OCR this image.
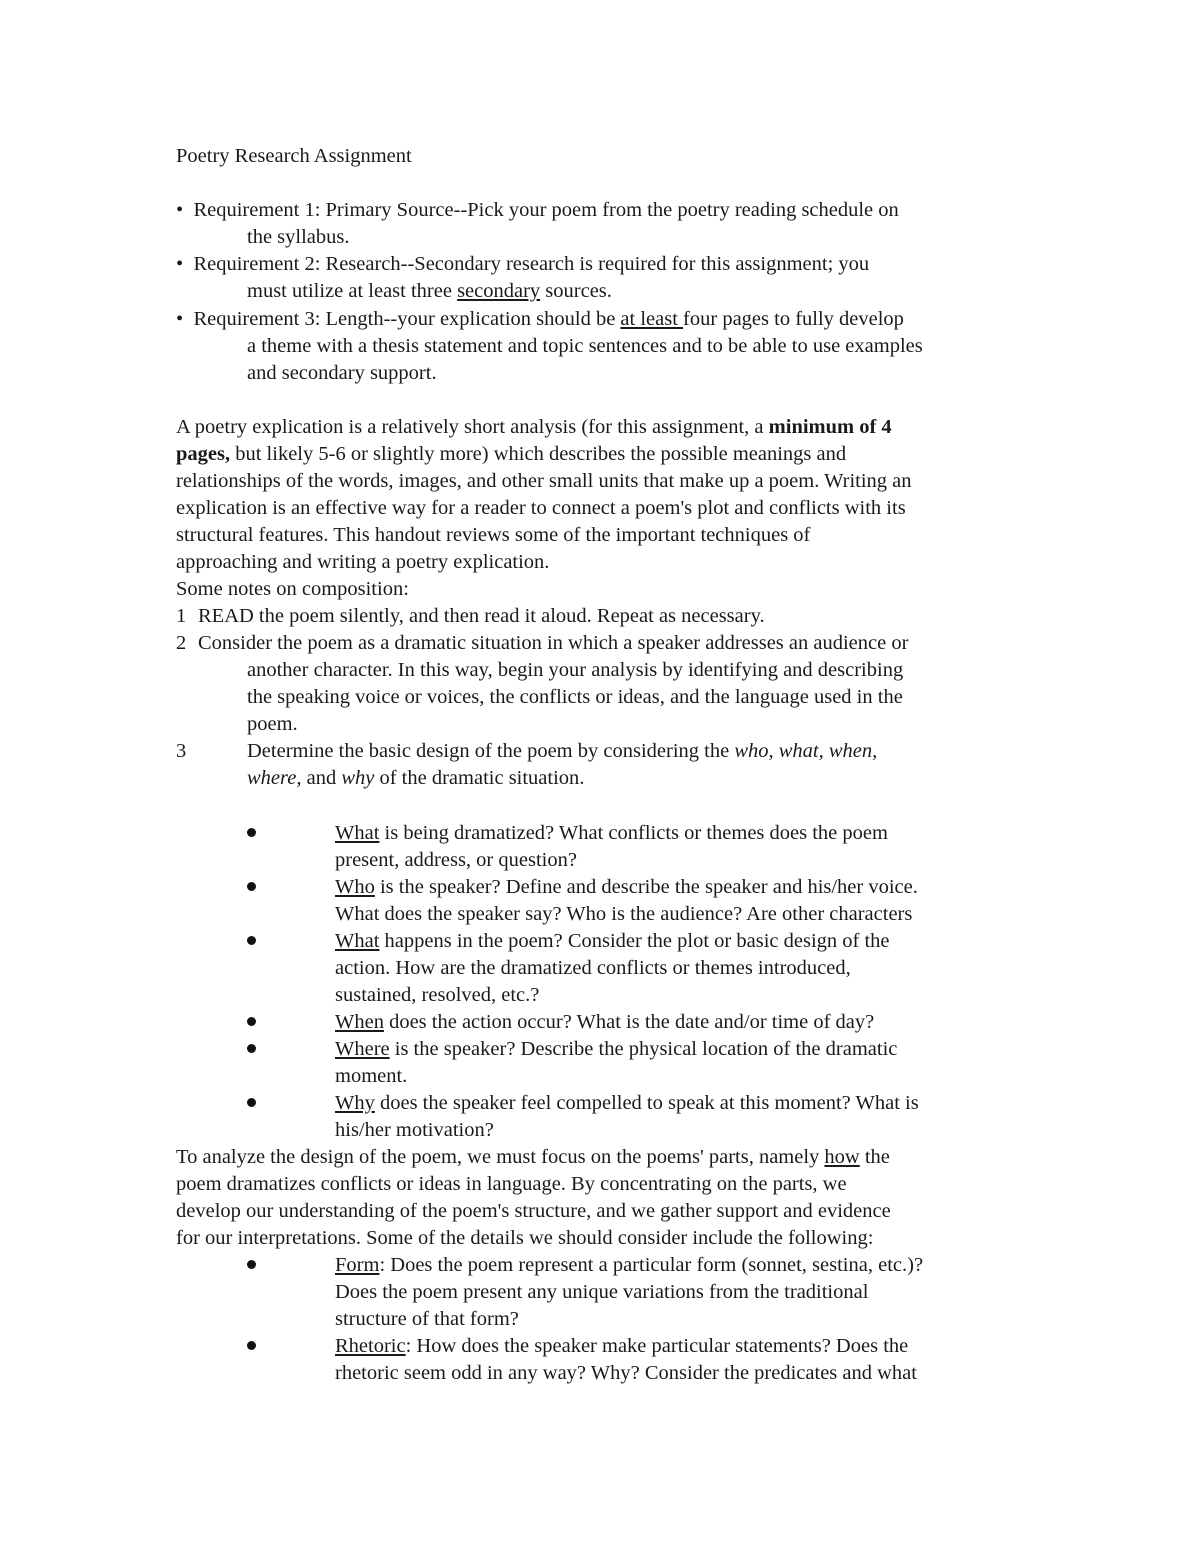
Poetry Research Assignment
• Requirement 1: Primary Source--Pick your poem from the poetry reading schedule on
the syllabus.
• Requirement 2: Research--Secondary research is required for this assignment; you
must utilize at least three secondary sources.
• Requirement 3: Length--your explication should be at least four pages to fully develop
a theme with a thesis statement and topic sentences and to be able to use examples
and secondary support.
A poetry explication is a relatively short analysis (for this assignment, a minimum of 4
pages, but likely 5-6 or slightly more) which describes the possible meanings and
relationships of the words, images, and other small units that make up a poem. Writing an
explication is an effective way for a reader to connect a poem's plot and conflicts with its
structural features. This handout reviews some of the important techniques of
approaching and writing a poetry explication.
Some notes on composition:
1 READ the poem silently, and then read it aloud. Repeat as necessary.
2 Consider the poem as a dramatic situation in which a speaker addresses an audience or
another character. In this way, begin your analysis by identifying and describing
the speaking voice or voices, the conflicts or ideas, and the language used in the
poem.
3	Determine the basic design of the poem by considering the who, what, when,
where, and why of the dramatic situation.
What is being dramatized? What conflicts or themes does the poem
present, address, or question?
Who is the speaker? Define and describe the speaker and his/her voice.
What does the speaker say? Who is the audience? Are other characters
What happens in the poem? Consider the plot or basic design of the
action. How are the dramatized conflicts or themes introduced,
sustained, resolved, etc.?
When does the action occur? What is the date and/or time of day?
Where is the speaker? Describe the physical location of the dramatic
moment.
Why does the speaker feel compelled to speak at this moment? What is
his/her motivation?
To analyze the design of the poem, we must focus on the poems' parts, namely how the
poem dramatizes conflicts or ideas in language. By concentrating on the parts, we
develop our understanding of the poem's structure, and we gather support and evidence
for our interpretations. Some of the details we should consider include the following:
Form: Does the poem represent a particular form (sonnet, sestina, etc.)?
Does the poem present any unique variations from the traditional
structure of that form?
Rhetoric: How does the speaker make particular statements? Does the
rhetoric seem odd in any way? Why? Consider the predicates and what
